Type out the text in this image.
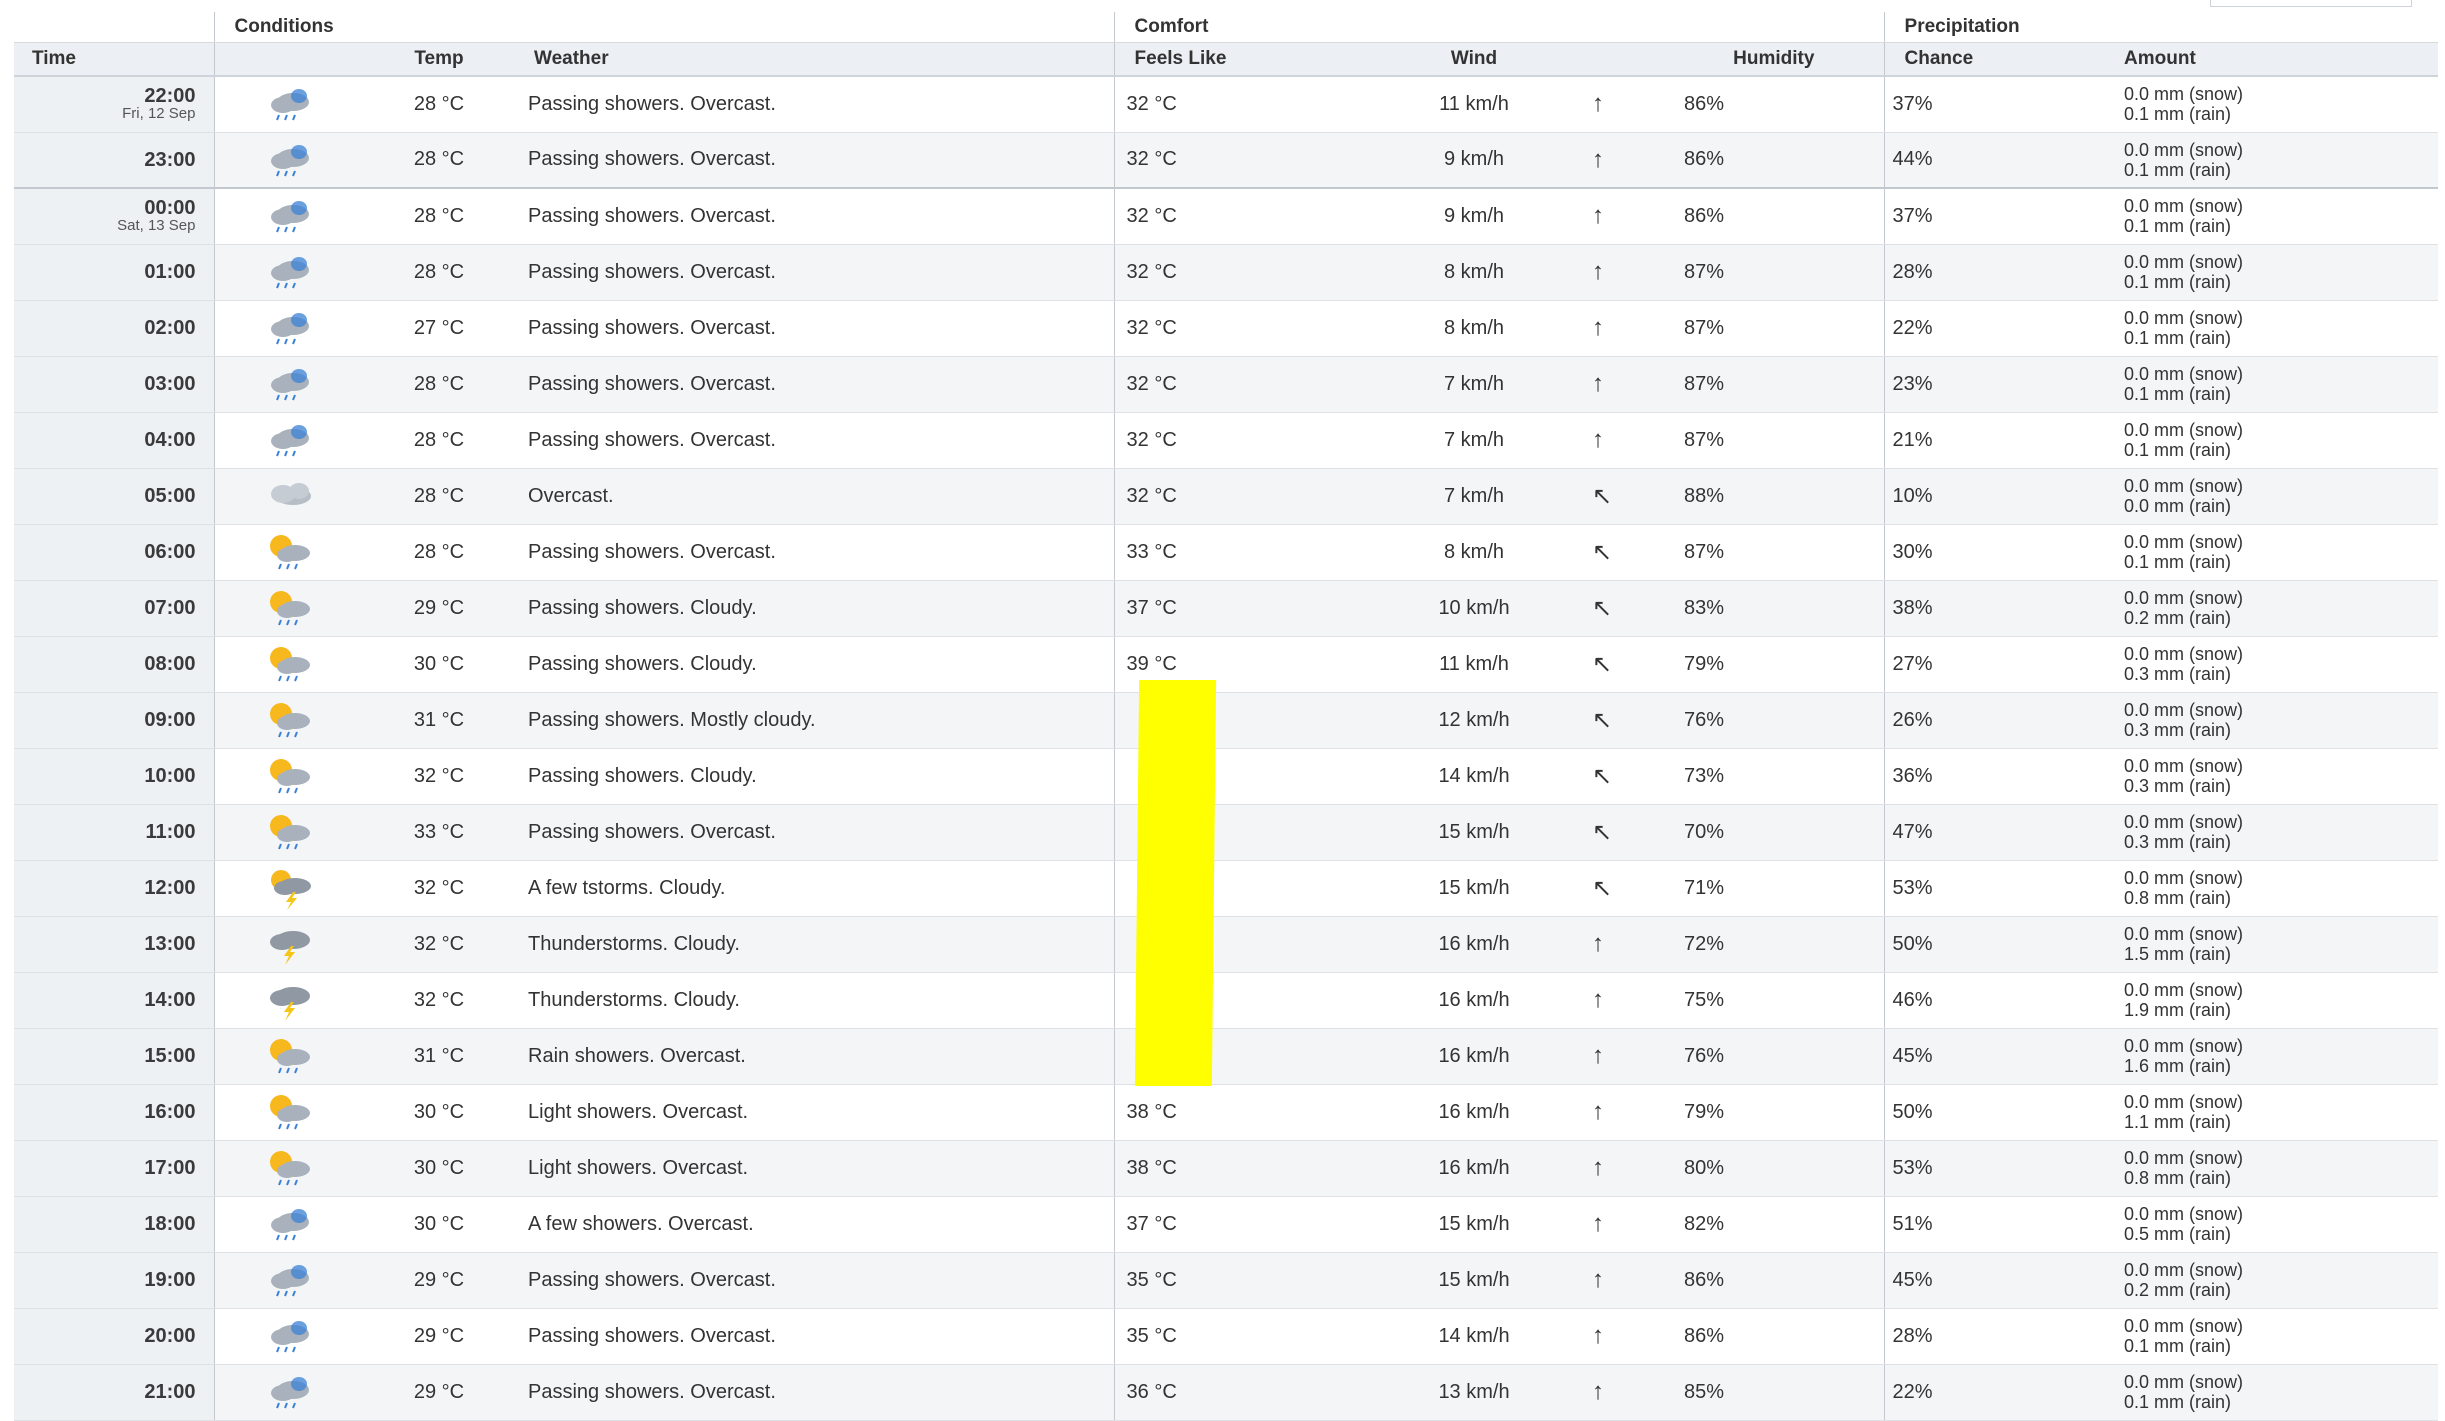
	Conditions			Comfort				Precipitation	
Time		Temp	Weather	Feels Like	Wind		Humidity	Chance	Amount
22:00
Fri, 12 Sep		28 °C	Passing showers. Overcast.	32 °C	11 km/h	↑	86%	37%	0.0 mm (snow)
0.1 mm (rain)

23:00		28 °C	Passing showers. Overcast.	32 °C	9 km/h	↑	86%	44%	0.0 mm (snow)
0.1 mm (rain)

00:00
Sat, 13 Sep		28 °C	Passing showers. Overcast.	32 °C	9 km/h	↑	86%	37%	0.0 mm (snow)
0.1 mm (rain)

01:00		28 °C	Passing showers. Overcast.	32 °C	8 km/h	↑	87%	28%	0.0 mm (snow)
0.1 mm (rain)

02:00		27 °C	Passing showers. Overcast.	32 °C	8 km/h	↑	87%	22%	0.0 mm (snow)
0.1 mm (rain)

03:00		28 °C	Passing showers. Overcast.	32 °C	7 km/h	↑	87%	23%	0.0 mm (snow)
0.1 mm (rain)

04:00		28 °C	Passing showers. Overcast.	32 °C	7 km/h	↑	87%	21%	0.0 mm (snow)
0.1 mm (rain)

05:00		28 °C	Overcast.	32 °C	7 km/h	↖	88%	10%	0.0 mm (snow)
0.0 mm (rain)

06:00		28 °C	Passing showers. Overcast.	33 °C	8 km/h	↖	87%	30%	0.0 mm (snow)
0.1 mm (rain)

07:00		29 °C	Passing showers. Cloudy.	37 °C	10 km/h	↖	83%	38%	0.0 mm (snow)
0.2 mm (rain)

08:00		30 °C	Passing showers. Cloudy.	39 °C	11 km/h	↖	79%	27%	0.0 mm (snow)
0.3 mm (rain)

09:00		31 °C	Passing showers. Mostly cloudy.		12 km/h	↖	76%	26%	0.0 mm (snow)
0.3 mm (rain)

10:00		32 °C	Passing showers. Cloudy.		14 km/h	↖	73%	36%	0.0 mm (snow)
0.3 mm (rain)

11:00		33 °C	Passing showers. Overcast.		15 km/h	↖	70%	47%	0.0 mm (snow)
0.3 mm (rain)

12:00		32 °C	A few tstorms. Cloudy.		15 km/h	↖	71%	53%	0.0 mm (snow)
0.8 mm (rain)

13:00		32 °C	Thunderstorms. Cloudy.		16 km/h	↑	72%	50%	0.0 mm (snow)
1.5 mm (rain)

14:00		32 °C	Thunderstorms. Cloudy.		16 km/h	↑	75%	46%	0.0 mm (snow)
1.9 mm (rain)

15:00		31 °C	Rain showers. Overcast.		16 km/h	↑	76%	45%	0.0 mm (snow)
1.6 mm (rain)

16:00		30 °C	Light showers. Overcast.	38 °C	16 km/h	↑	79%	50%	0.0 mm (snow)
1.1 mm (rain)

17:00		30 °C	Light showers. Overcast.	38 °C	16 km/h	↑	80%	53%	0.0 mm (snow)
0.8 mm (rain)

18:00		30 °C	A few showers. Overcast.	37 °C	15 km/h	↑	82%	51%	0.0 mm (snow)
0.5 mm (rain)

19:00		29 °C	Passing showers. Overcast.	35 °C	15 km/h	↑	86%	45%	0.0 mm (snow)
0.2 mm (rain)

20:00		29 °C	Passing showers. Overcast.	35 °C	14 km/h	↑	86%	28%	0.0 mm (snow)
0.1 mm (rain)

21:00		29 °C	Passing showers. Overcast.	36 °C	13 km/h	↑	85%	22%	0.0 mm (snow)
0.1 mm (rain)
